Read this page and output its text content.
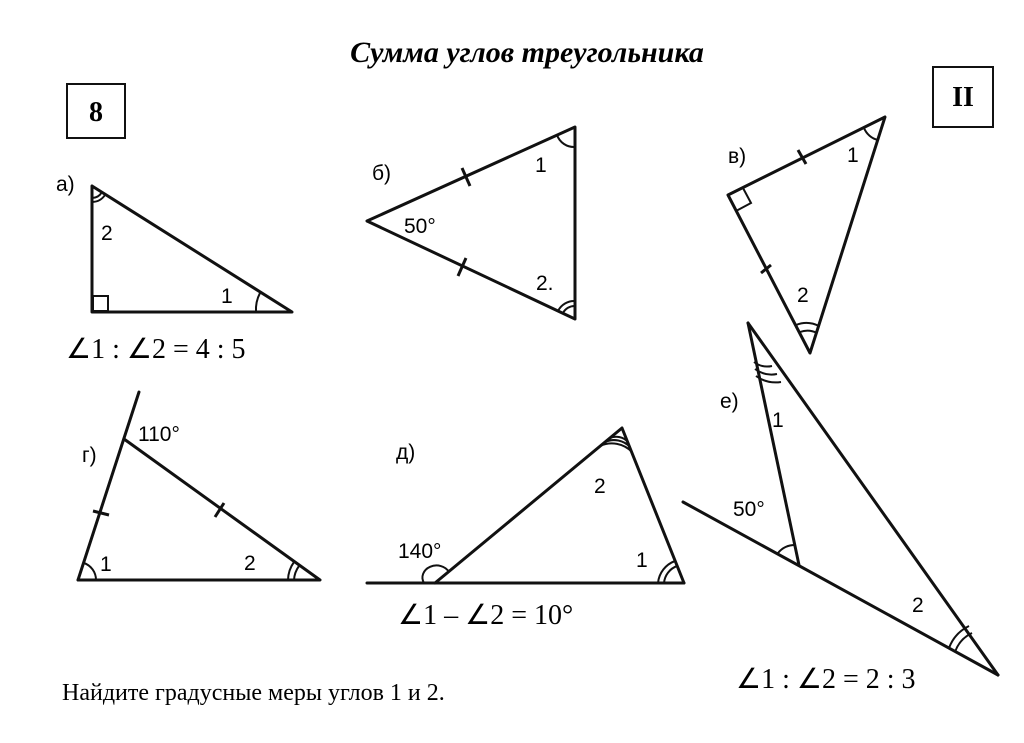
Сумма углов треугольника
8	II
а)
2
1
∠1 : ∠2 = 4 : 5
б)
50°
1
2.
в)	1
2
г)
110°
1	2
д)
140°
2
1
∠1 – ∠2 = 10°
е)
1
50°
2
∠1 : ∠2 = 2 : 3
Найдите градусные меры углов 1 и 2.
